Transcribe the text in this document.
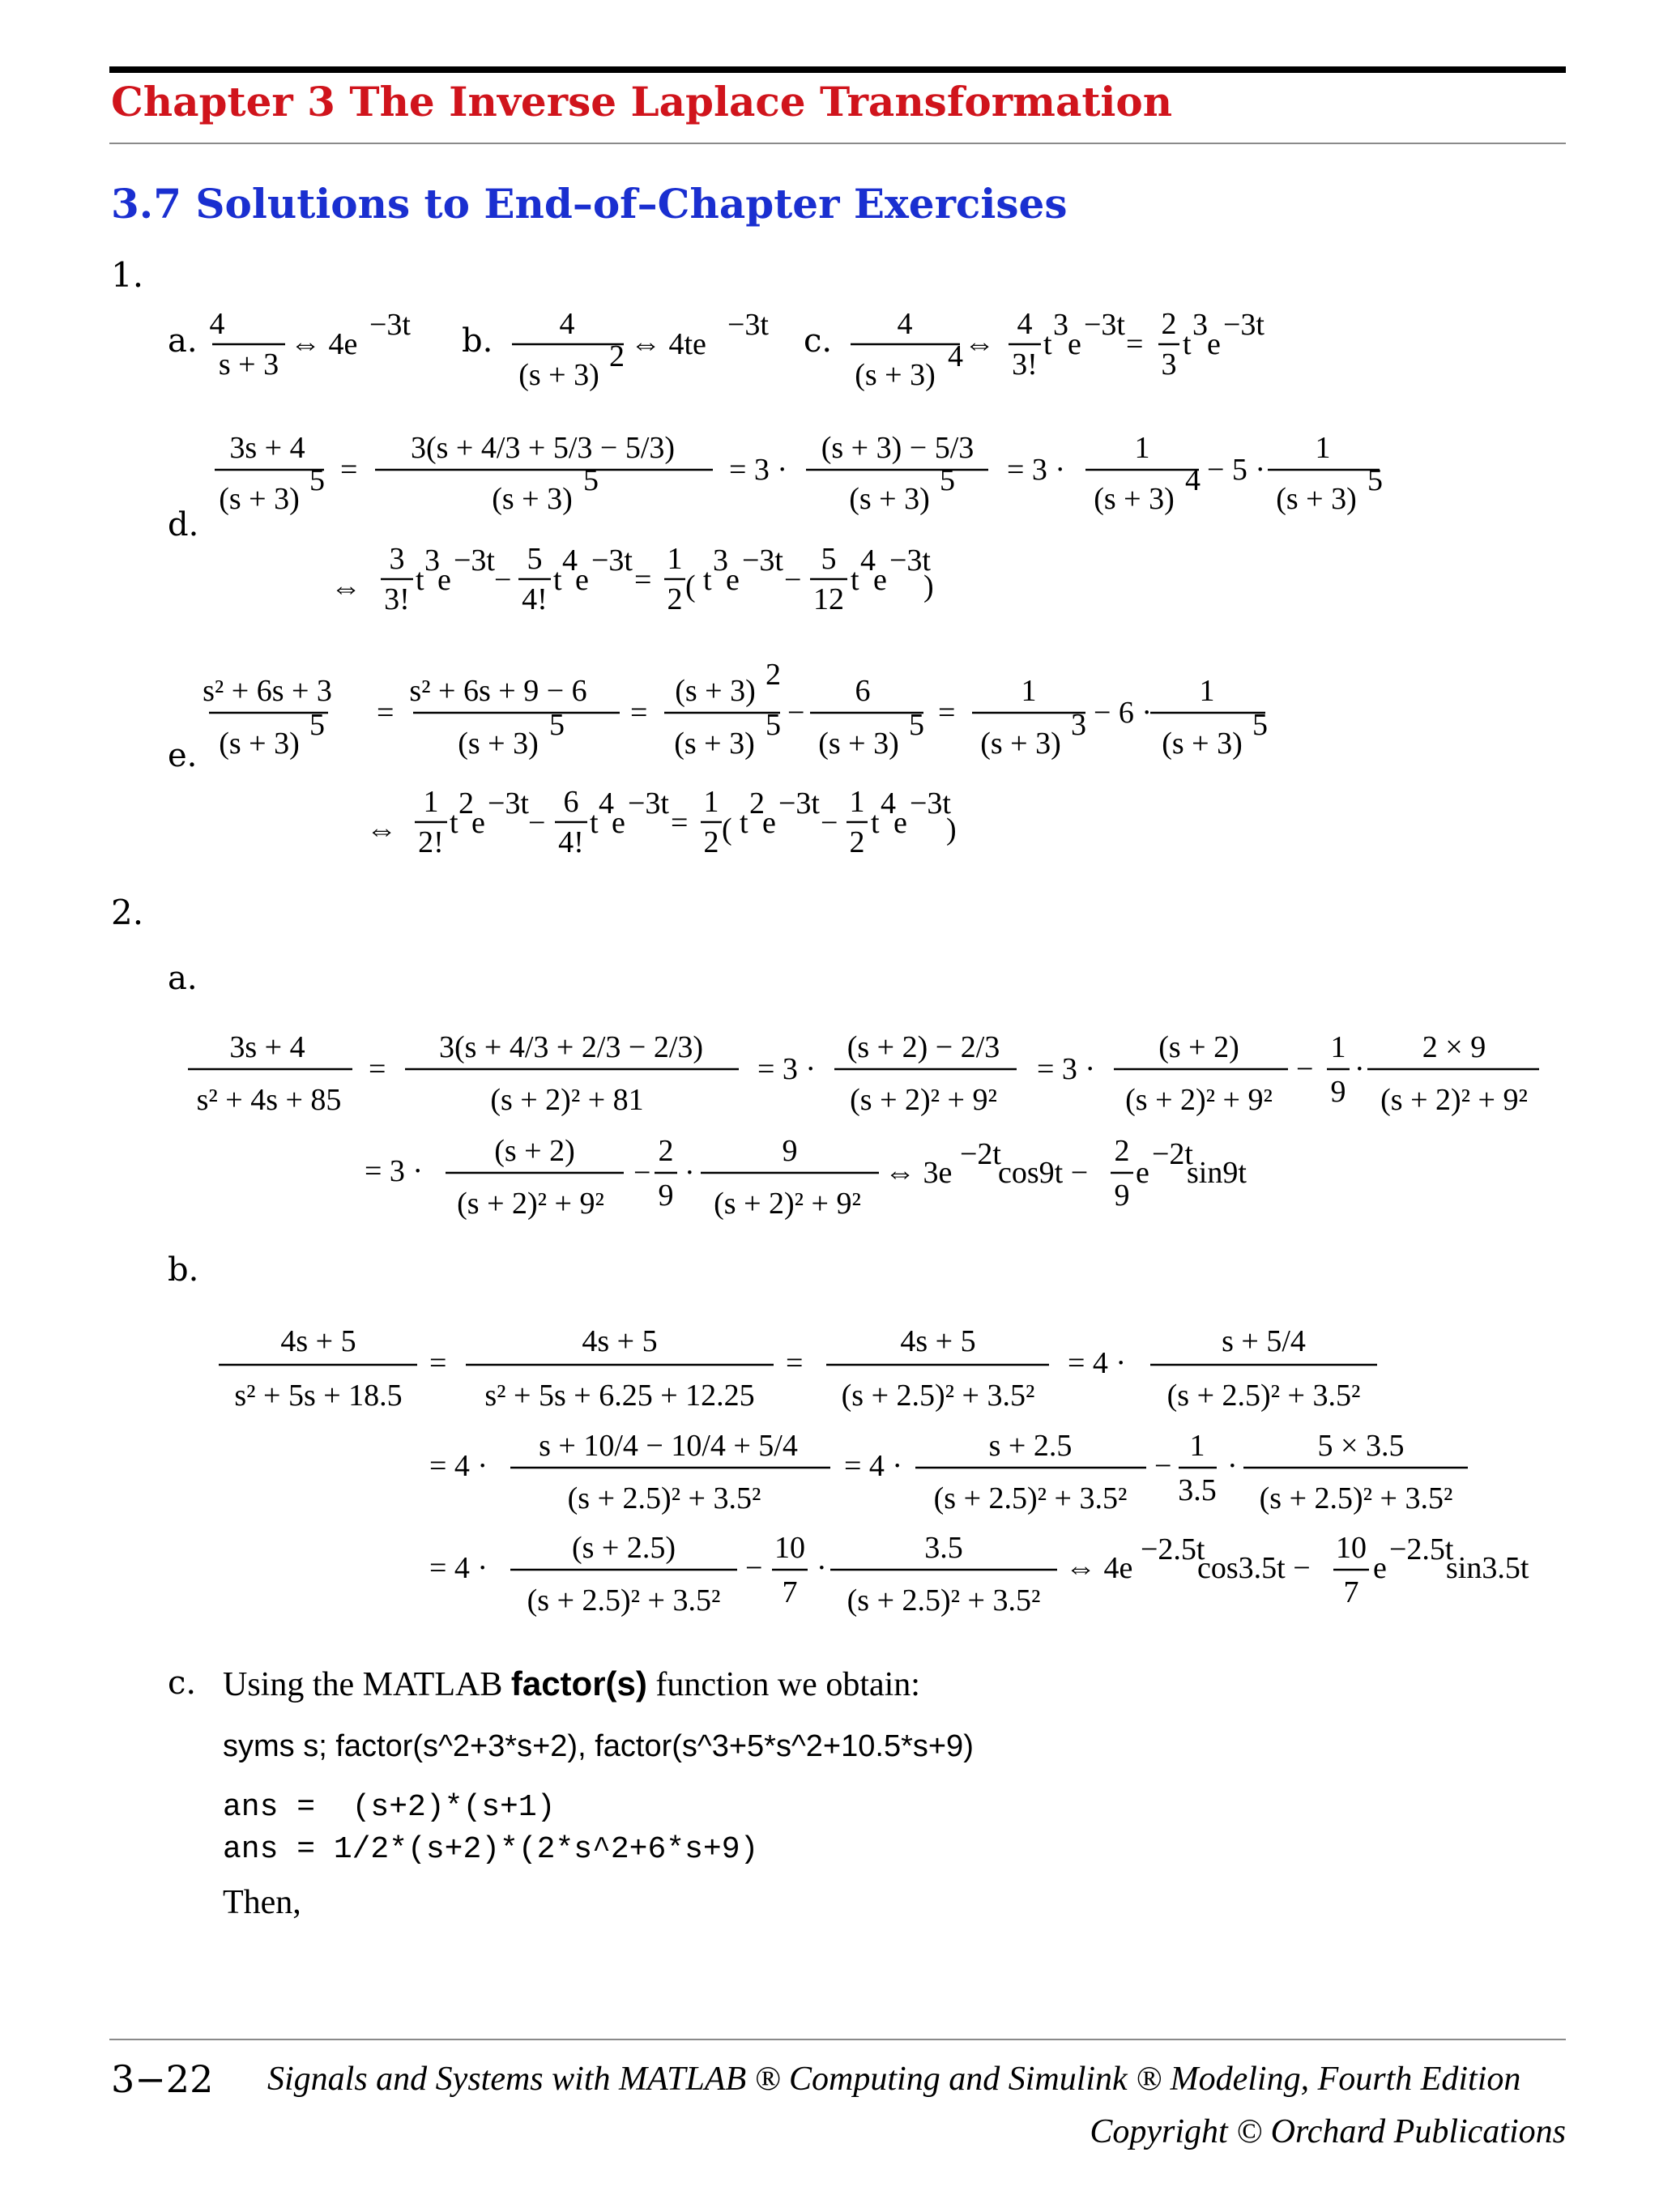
Chapter 3 The Inverse Laplace Transformation
3.7 Solutions to End–of–Chapter Exercises
1.
a.	b.	c.
d.
e.
2.
a.
b.
4
s + 3
⇔ 4e
−3t	4
(s + 3)
2 ⇔ 4te
−3t	4
(s + 3)
4 ⇔
4
3!
t
3
e
−3t
=
2
3
t
3
e
−3t
3s + 4
(s + 3)
5 =
3(s + 4/3 + 5/3 − 5/3)
(s + 3)
5	= 3 ·
(s + 3) − 5/3
(s + 3)
5 = 3 ·
1
(s + 3)
4 − 5 ·
1
(s + 3)
5
⇔
3
3!
t
3
e
−3t
−
5
4!
t
4
e
−3t
=
1
2 ( t
3
e
−3t
−
5
12
t
4
e
−3t
)
s² + 6s + 3
(s + 3)
5 =
s² + 6s + 9 − 6
(s + 3)
5 =
(s + 3) 2
(s + 3)
5 −
6
(s + 3)
5 =
1
(s + 3)
3 − 6 ·
1
(s + 3)
5
⇔
1
2!
t
2
e
−3t
−
6
4!
t
4
e
−3t
=
1
2 ( t
2
e
−3t
−
1
2
t
4
e
−3t
)
3s + 4
s² + 4s + 85
=
3(s + 4/3 + 2/3 − 2/3)
(s + 2)² + 81
= 3 ·
(s + 2) − 2/3
(s + 2)² + 9²
= 3 ·
(s + 2)
(s + 2)² + 9²
−
1
9
·
2 × 9
(s + 2)² + 9²
= 3 ·
(s + 2)
(s + 2)² + 9²
−
2
9
·
9
(s + 2)² + 9²
⇔ 3e
−2t
cos9t −
2
9
e
−2t
sin9t
4s + 5
s² + 5s + 18.5
=
4s + 5
s² + 5s + 6.25 + 12.25
=
4s + 5
(s + 2.5)² + 3.5²
= 4 ·
s + 5/4
(s + 2.5)² + 3.5²
= 4 ·
s + 10/4 − 10/4 + 5/4
(s + 2.5)² + 3.5²
= 4 ·
s + 2.5
(s + 2.5)² + 3.5²
−
1
3.5
·
5 × 3.5
(s + 2.5)² + 3.5²
= 4 ·
(s + 2.5)
(s + 2.5)² + 3.5²
−
10
7
·
3.5
(s + 2.5)² + 3.5²
⇔ 4e
−2.5t
cos3.5t −
10
7
e
−2.5t
sin3.5t
c. Using the MATLAB factor(s) function we obtain:
syms s; factor(s^2+3*s+2), factor(s^3+5*s^2+10.5*s+9)
ans =  (s+2)*(s+1)
ans = 1/2*(s+2)*(2*s^2+6*s+9)
Then,
3−22 Signals and Systems with MATLAB ® Computing and Simulink ® Modeling, Fourth Edition
Copyright © Orchard Publications
